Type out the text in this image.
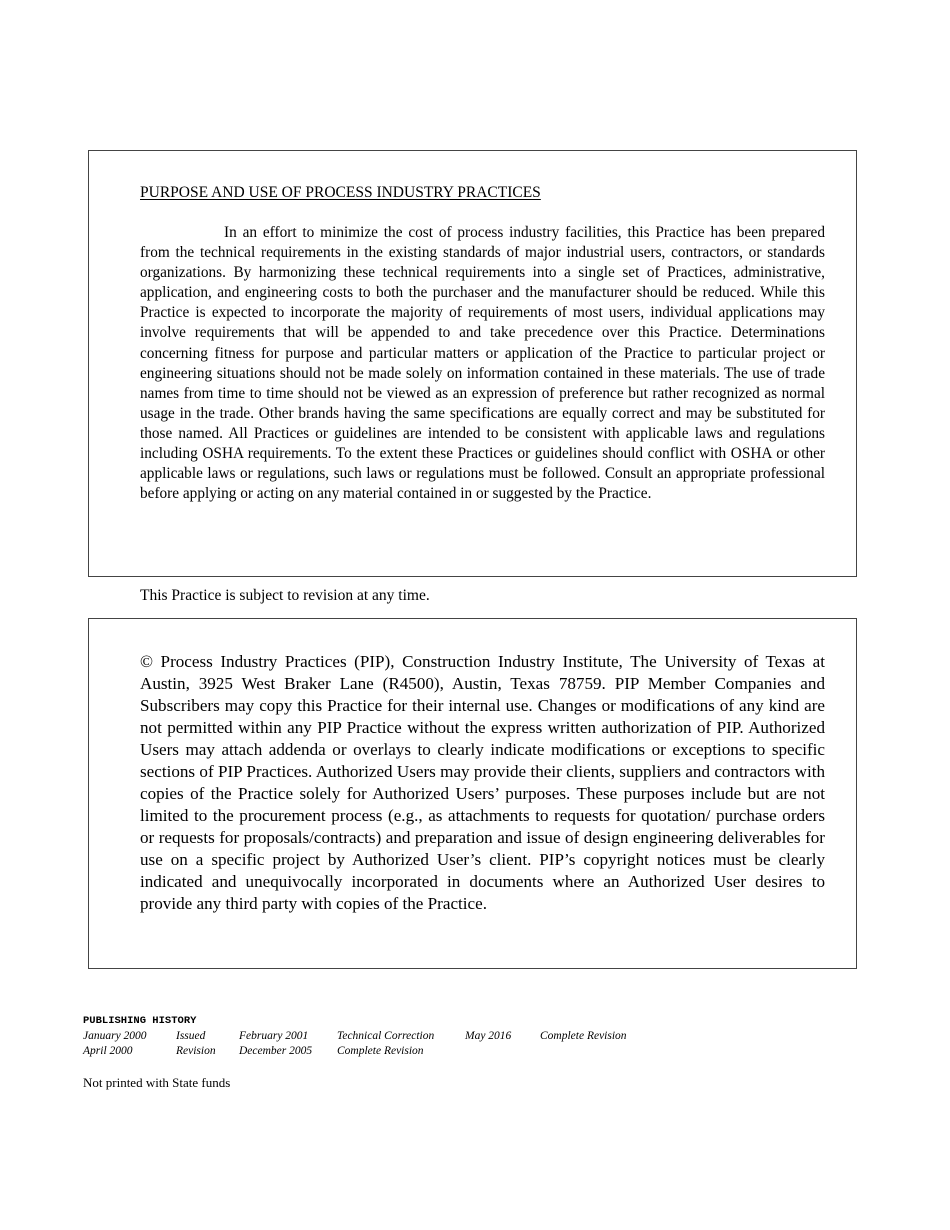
PURPOSE AND USE OF PROCESS INDUSTRY PRACTICES

In an effort to minimize the cost of process industry facilities, this Practice has been prepared from the technical requirements in the existing standards of major industrial users, contractors, or standards organizations. By harmonizing these technical requirements into a single set of Practices, administrative, application, and engineering costs to both the purchaser and the manufacturer should be reduced. While this Practice is expected to incorporate the majority of requirements of most users, individual applications may involve requirements that will be appended to and take precedence over this Practice. Determinations concerning fitness for purpose and particular matters or application of the Practice to particular project or engineering situations should not be made solely on information contained in these materials. The use of trade names from time to time should not be viewed as an expression of preference but rather recognized as normal usage in the trade. Other brands having the same specifications are equally correct and may be substituted for those named. All Practices or guidelines are intended to be consistent with applicable laws and regulations including OSHA requirements. To the extent these Practices or guidelines should conflict with OSHA or other applicable laws or regulations, such laws or regulations must be followed. Consult an appropriate professional before applying or acting on any material contained in or suggested by the Practice.

This Practice is subject to revision at any time.

© Process Industry Practices (PIP), Construction Industry Institute, The University of Texas at Austin, 3925 West Braker Lane (R4500), Austin, Texas 78759. PIP Member Companies and Subscribers may copy this Practice for their internal use. Changes or modifications of any kind are not permitted within any PIP Practice without the express written authorization of PIP. Authorized Users may attach addenda or overlays to clearly indicate modifications or exceptions to specific sections of PIP Practices. Authorized Users may provide their clients, suppliers and contractors with copies of the Practice solely for Authorized Users’ purposes. These purposes include but are not limited to the procurement process (e.g., as attachments to requests for quotation/ purchase orders or requests for proposals/contracts) and preparation and issue of design engineering deliverables for use on a specific project by Authorized User’s client. PIP’s copyright notices must be clearly indicated and unequivocally incorporated in documents where an Authorized User desires to provide any third party with copies of the Practice.

PUBLISHING HISTORY

January 2000	Issued	February 2001 Technical Correction	May 2016 Complete Revision
April 2000	Revision December 2005 Complete Revision

Not printed with State funds
